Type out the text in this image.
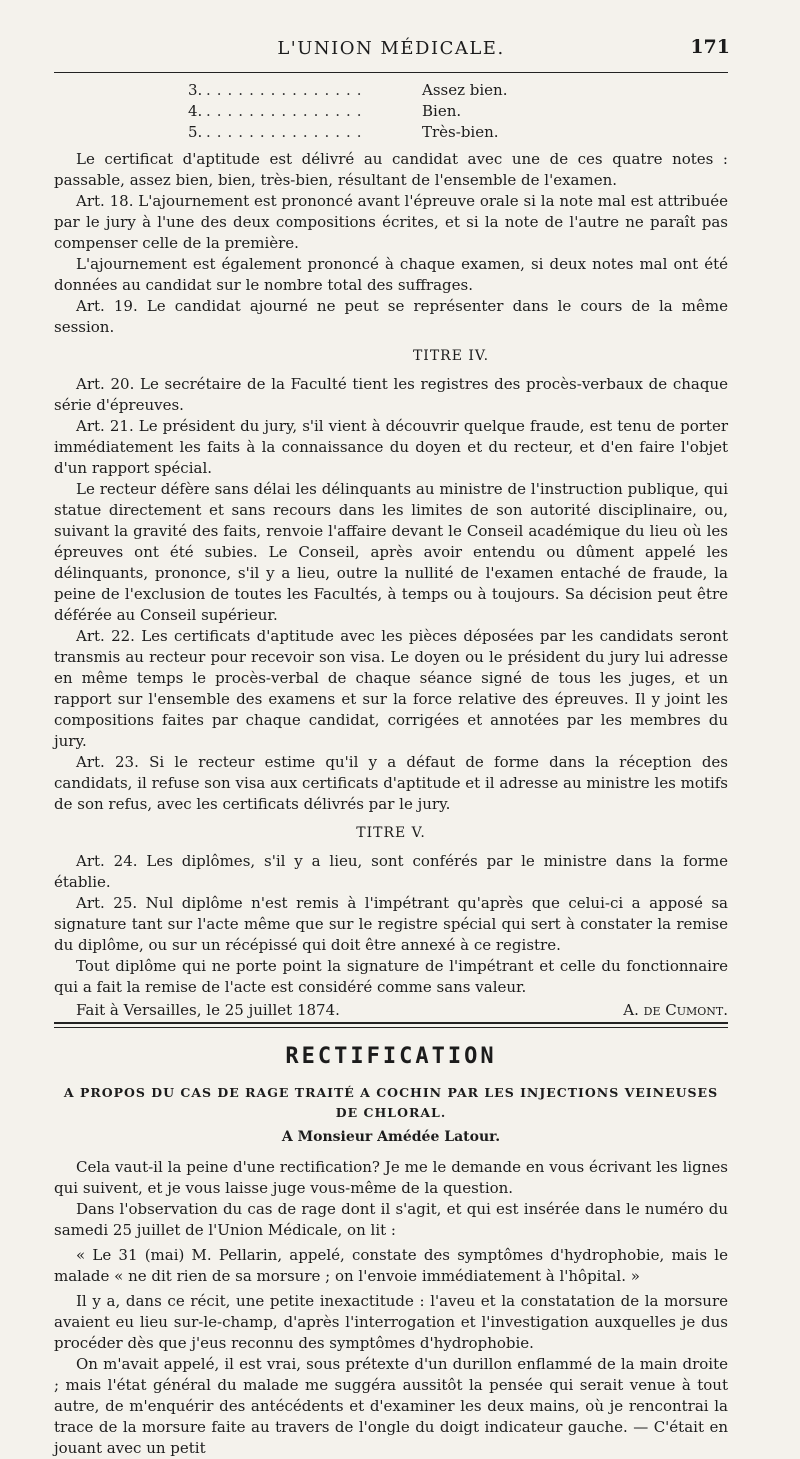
L'UNION MÉDICALE.	171
3. ...............	Assez bien.
4. ...............	Bien.
5. ...............	Très-bien.

Le certificat d'aptitude est délivré au candidat avec une de ces quatre notes : passable, assez bien, bien, très-bien, résultant de l'ensemble de l'examen.

Art. 18. L'ajournement est prononcé avant l'épreuve orale si la note mal est attribuée par le jury à l'une des deux compositions écrites, et si la note de l'autre ne paraît pas compenser celle de la première.

L'ajournement est également prononcé à chaque examen, si deux notes mal ont été données au candidat sur le nombre total des suffrages.

Art. 19. Le candidat ajourné ne peut se représenter dans le cours de la même session.

TITRE IV.

Art. 20. Le secrétaire de la Faculté tient les registres des procès-verbaux de chaque série d'épreuves.

Art. 21. Le président du jury, s'il vient à découvrir quelque fraude, est tenu de porter immédiatement les faits à la connaissance du doyen et du recteur, et d'en faire l'objet d'un rapport spécial.

Le recteur défère sans délai les délinquants au ministre de l'instruction publique, qui statue directement et sans recours dans les limites de son autorité disciplinaire, ou, suivant la gravité des faits, renvoie l'affaire devant le Conseil académique du lieu où les épreuves ont été subies. Le Conseil, après avoir entendu ou dûment appelé les délinquants, prononce, s'il y a lieu, outre la nullité de l'examen entaché de fraude, la peine de l'exclusion de toutes les Facultés, à temps ou à toujours. Sa décision peut être déférée au Conseil supérieur.

Art. 22. Les certificats d'aptitude avec les pièces déposées par les candidats seront transmis au recteur pour recevoir son visa. Le doyen ou le président du jury lui adresse en même temps le procès-verbal de chaque séance signé de tous les juges, et un rapport sur l'ensemble des examens et sur la force relative des épreuves. Il y joint les compositions faites par chaque candidat, corrigées et annotées par les membres du jury.

Art. 23. Si le recteur estime qu'il y a défaut de forme dans la réception des candidats, il refuse son visa aux certificats d'aptitude et il adresse au ministre les motifs de son refus, avec les certificats délivrés par le jury.

TITRE V.

Art. 24. Les diplômes, s'il y a lieu, sont conférés par le ministre dans la forme établie.

Art. 25. Nul diplôme n'est remis à l'impétrant qu'après que celui-ci a apposé sa signature tant sur l'acte même que sur le registre spécial qui sert à constater la remise du diplôme, ou sur un récépissé qui doit être annexé à ce registre.

Tout diplôme qui ne porte point la signature de l'impétrant et celle du fonctionnaire qui a fait la remise de l'acte est considéré comme sans valeur.

Fait à Versailles, le 25 juillet 1874.	A. de Cumont.
RECTIFICATION
A PROPOS DU CAS DE RAGE TRAITÉ A COCHIN PAR LES INJECTIONS VEINEUSES
DE CHLORAL.
A Monsieur Amédée Latour.

Cela vaut-il la peine d'une rectification? Je me le demande en vous écrivant les lignes qui suivent, et je vous laisse juge vous-même de la question.

Dans l'observation du cas de rage dont il s'agit, et qui est insérée dans le numéro du samedi 25 juillet de l'Union Médicale, on lit :

« Le 31 (mai) M. Pellarin, appelé, constate des symptômes d'hydrophobie, mais le malade « ne dit rien de sa morsure ; on l'envoie immédiatement à l'hôpital. »

Il y a, dans ce récit, une petite inexactitude : l'aveu et la constatation de la morsure avaient eu lieu sur-le-champ, d'après l'interrogation et l'investigation auxquelles je dus procéder dès que j'eus reconnu des symptômes d'hydrophobie.

On m'avait appelé, il est vrai, sous prétexte d'un durillon enflammé de la main droite ; mais l'état général du malade me suggéra aussitôt la pensée qui serait venue à tout autre, de m'enquérir des antécédents et d'examiner les deux mains, où je rencontrai la trace de la morsure faite au travers de l'ongle du doigt indicateur gauche. — C'était en jouant avec un petit
